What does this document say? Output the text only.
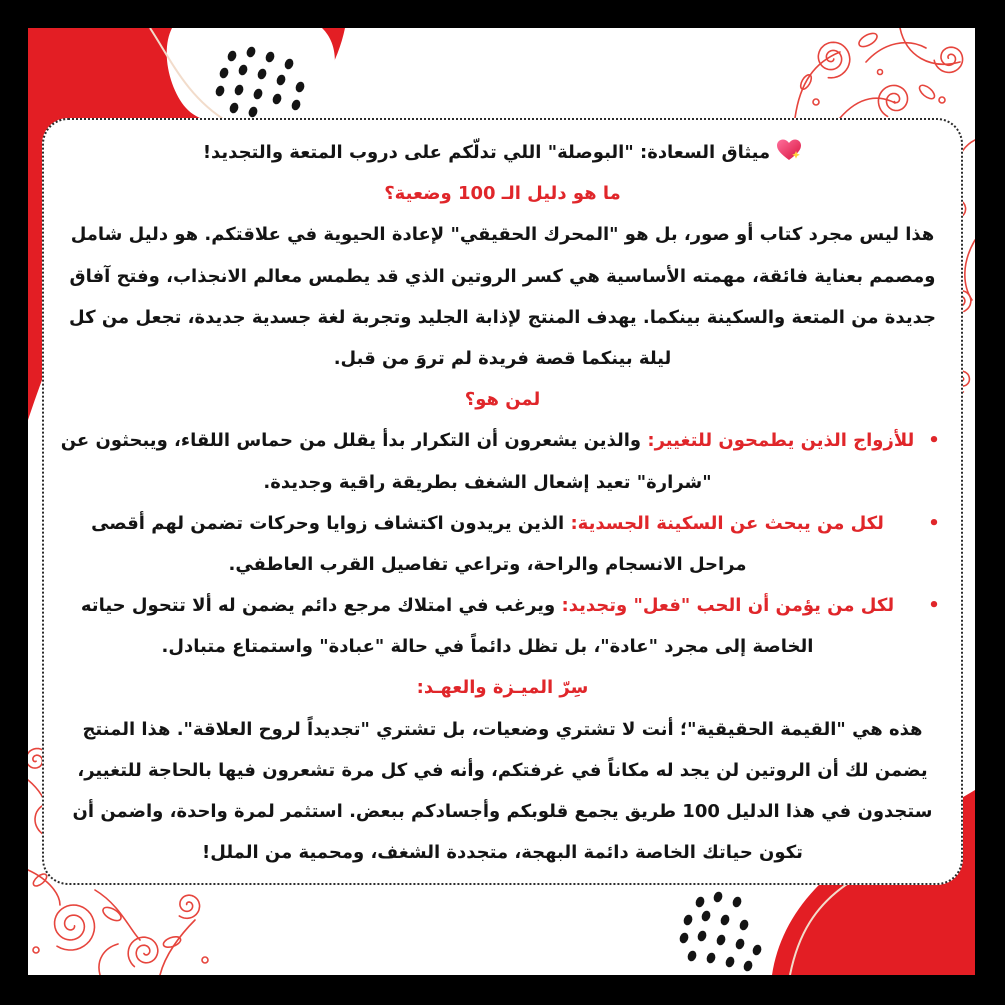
ميثاق السعادة: "البوصلة" اللي تدلّكم على دروب المتعة والتجديد!
ما هو دليل الـ 100 وضعية؟
هذا ليس مجرد كتاب أو صور، بل هو "المحرك الحقيقي" لإعادة الحيوية في علاقتكم. هو دليل شامل
ومصمم بعناية فائقة، مهمته الأساسية هي كسر الروتين الذي قد يطمس معالم الانجذاب، وفتح آفاق
جديدة من المتعة والسكينة بينكما. يهدف المنتج لإذابة الجليد وتجربة لغة جسدية جديدة، تجعل من كل
ليلة بينكما قصة فريدة لم تروَ من قبل.
لمن هو؟
•
للأزواج الذين يطمحون للتغيير: والذين يشعرون أن التكرار بدأ يقلل من حماس اللقاء، ويبحثون عن
"شرارة" تعيد إشعال الشغف بطريقة راقية وجديدة.
•
لكل من يبحث عن السكينة الجسدية: الذين يريدون اكتشاف زوايا وحركات تضمن لهم أقصى
مراحل الانسجام والراحة، وتراعي تفاصيل القرب العاطفي.
•
لكل من يؤمن أن الحب "فعل" وتجديد: ويرغب في امتلاك مرجع دائم يضمن له ألا تتحول حياته
الخاصة إلى مجرد "عادة"، بل تظل دائماً في حالة "عبادة" واستمتاع متبادل.
سِرّ الميـزة والعهـد:
هذه هي "القيمة الحقيقية"؛ أنت لا تشتري وضعيات، بل تشتري "تجديداً لروح العلاقة". هذا المنتج
يضمن لك أن الروتين لن يجد له مكاناً في غرفتكم، وأنه في كل مرة تشعرون فيها بالحاجة للتغيير،
ستجدون في هذا الدليل 100 طريق يجمع قلوبكم وأجسادكم ببعض. استثمر لمرة واحدة، واضمن أن
تكون حياتك الخاصة دائمة البهجة، متجددة الشغف، ومحمية من الملل!
